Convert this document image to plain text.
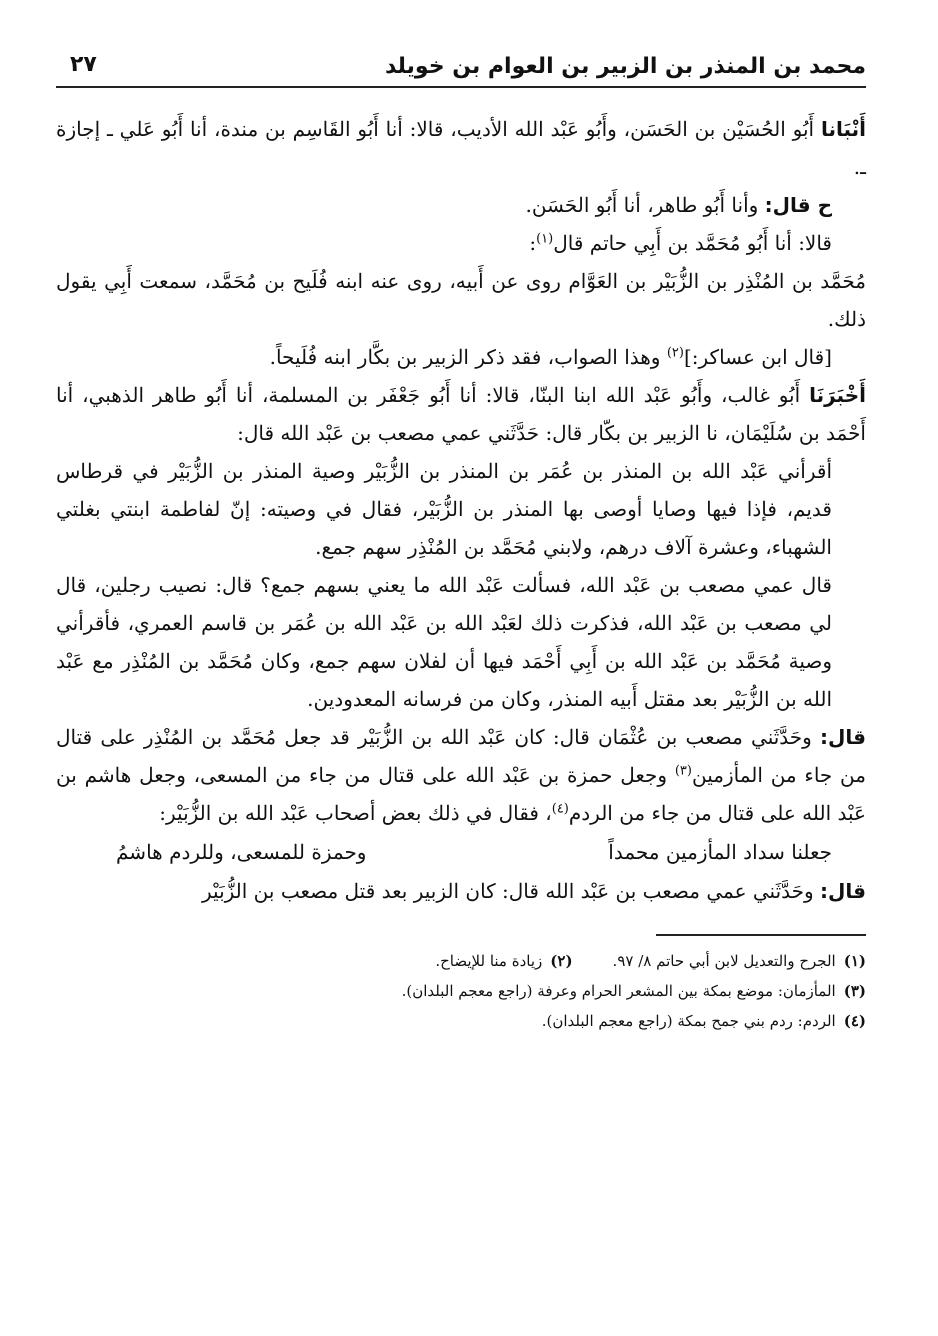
محمد بن المنذر بن الزبير بن العوام بن خويلد
٢٧

أَنْبَانا أَبُو الحُسَيْن بن الحَسَن، وأَبُو عَبْد الله الأديب، قالا: أنا أَبُو القَاسِم بن مندة، أنا أَبُو عَلي ـ إجازة ـ.

ح قال: وأنا أَبُو طاهر، أنا أَبُو الحَسَن.

قالا: أنا أَبُو مُحَمَّد بن أَبِي حاتم قال$^{(١)}$:

مُحَمَّد بن المُنْذِر بن الزُّبَيْر بن العَوَّام روى عن أَبيه، روى عنه ابنه فُلَيح بن مُحَمَّد، سمعت أَبِي يقول ذلك.

[قال ابن عساكر:]$^{(٢)}$ وهذا الصواب، فقد ذكر الزبير بن بكَّار ابنه فُلَيحاً.

أَخْبَرَنَا أَبُو غالب، وأَبُو عَبْد الله ابنا البنّا، قالا: أنا أَبُو جَعْفَر بن المسلمة، أنا أَبُو طاهر الذهبي، أنا أَحْمَد بن سُلَيْمَان، نا الزبير بن بكّار قال: حَدَّثَني عمي مصعب بن عَبْد الله قال:

أقرأني عَبْد الله بن المنذر بن عُمَر بن المنذر بن الزُّبَيْر وصية المنذر بن الزُّبَيْر في قرطاس قديم، فإذا فيها وصايا أوصى بها المنذر بن الزُّبَيْر، فقال في وصيته: إنّ لفاطمة ابنتي بغلتي الشهباء، وعشرة آلاف درهم، ولابني مُحَمَّد بن المُنْذِر سهم جمع.

قال عمي مصعب بن عَبْد الله، فسألت عَبْد الله ما يعني بسهم جمع؟ قال: نصيب رجلين، قال لي مصعب بن عَبْد الله، فذكرت ذلك لعَبْد الله بن عَبْد الله بن عُمَر بن قاسم العمري، فأقرأني وصية مُحَمَّد بن عَبْد الله بن أَبِي أَحْمَد فيها أن لفلان سهم جمع، وكان مُحَمَّد بن المُنْذِر مع عَبْد الله بن الزُّبَيْر بعد مقتل أَبيه المنذر، وكان من فرسانه المعدودين.

قال: وحَدَّثَني مصعب بن عُثْمَان قال: كان عَبْد الله بن الزُّبَيْر قد جعل مُحَمَّد بن المُنْذِر على قتال من جاء من المأزمين$^{(٣)}$ وجعل حمزة بن عَبْد الله على قتال من جاء من المسعى، وجعل هاشم بن عَبْد الله على قتال من جاء من الردم$^{(٤)}$، فقال في ذلك بعض أصحاب عَبْد الله بن الزُّبَيْر:

جعلنا سداد المأزمين محمداً
وحمزة للمسعى، وللردم هاشمُ

قال: وحَدَّثَني عمي مصعب بن عَبْد الله قال: كان الزبير بعد قتل مصعب بن الزُّبَيْر

(١)الجرح والتعديل لابن أبي حاتم ٨/ ٩٧.
(٢)زيادة منا للإيضاح.
(٣)المأزمان: موضع بمكة بين المشعر الحرام وعرفة (راجع معجم البلدان).
(٤)الردم: ردم بني جمح بمكة (راجع معجم البلدان).
